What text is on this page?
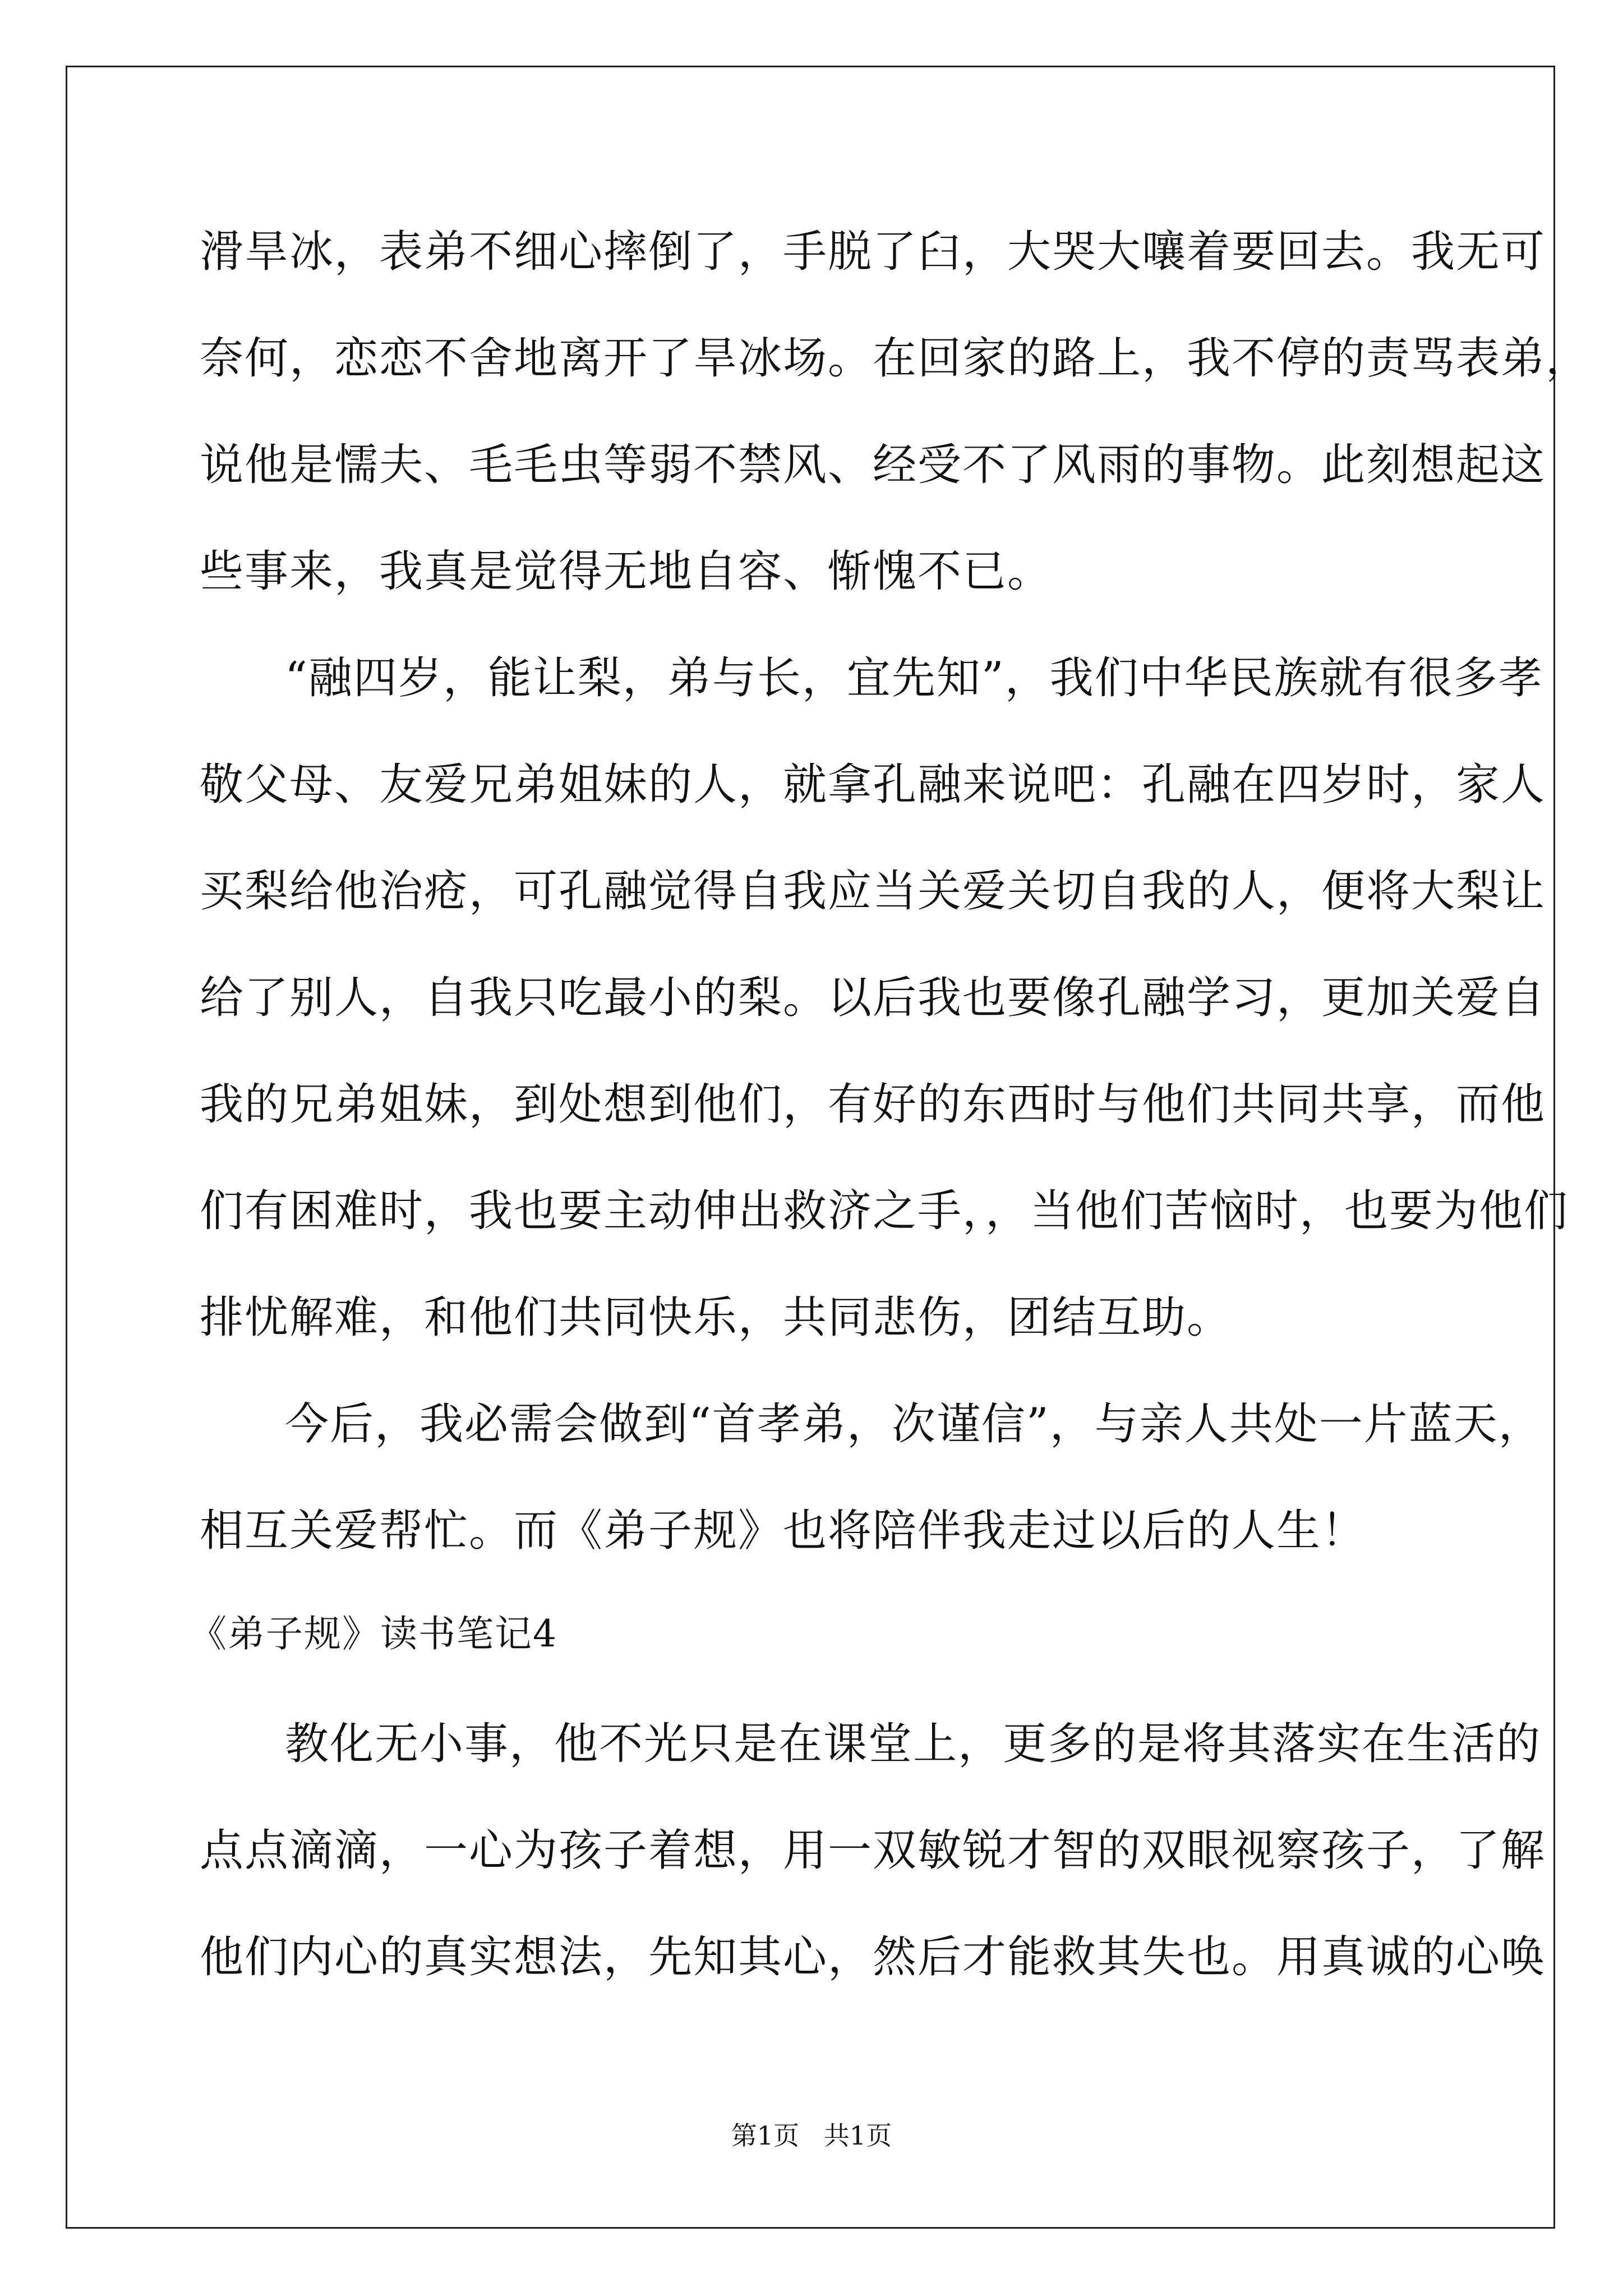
滑旱冰，表弟不细心摔倒了，手脱了臼，大哭大嚷着要回去。我无可
奈何，恋恋不舍地离开了旱冰场。在回家的路上，我不停的责骂表弟，
说他是懦夫、毛毛虫等弱不禁风、经受不了风雨的事物。此刻想起这
些事来，我真是觉得无地自容、惭愧不已。
“融四岁，能让梨，弟与长，宜先知”，我们中华民族就有很多孝
敬父母、友爱兄弟姐妹的人，就拿孔融来说吧：孔融在四岁时，家人
买梨给他治疮，可孔融觉得自我应当关爱关切自我的人，便将大梨让
给了别人，自我只吃最小的梨。以后我也要像孔融学习，更加关爱自
我的兄弟姐妹，到处想到他们，有好的东西时与他们共同共享，而他
们有困难时，我也要主动伸出救济之手，，当他们苦恼时，也要为他们
排忧解难，和他们共同快乐，共同悲伤，团结互助。
今后，我必需会做到“首孝弟，次谨信”，与亲人共处一片蓝天，
相互关爱帮忙。而《弟子规》也将陪伴我走过以后的人生！
《弟子规》读书笔记4
教化无小事，他不光只是在课堂上，更多的是将其落实在生活的
点点滴滴，一心为孩子着想，用一双敏锐才智的双眼视察孩子，了解
他们内心的真实想法，先知其心，然后才能救其失也。用真诚的心唤
第1页   共1页
